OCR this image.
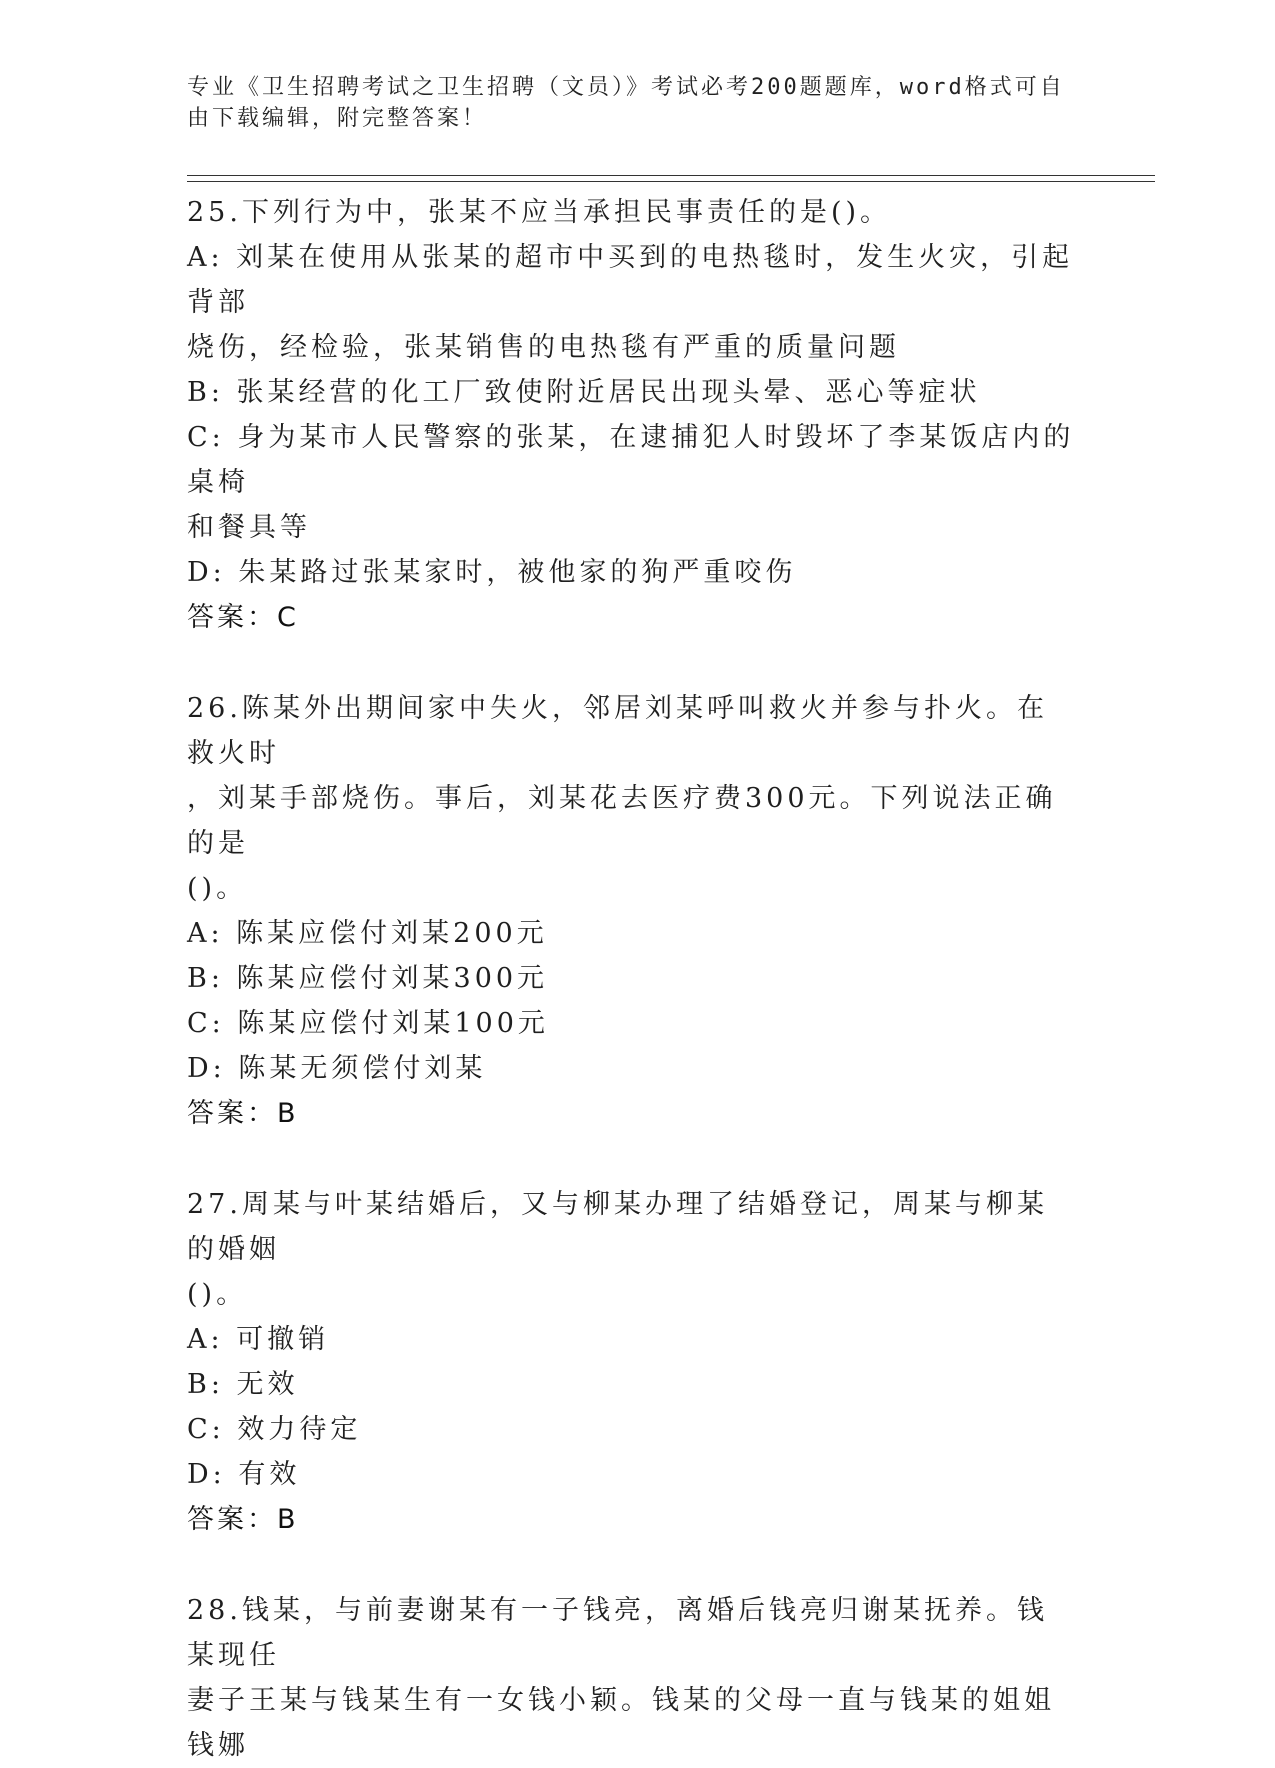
专业《卫生招聘考试之卫生招聘（文员）》考试必考200题题库，word格式可自
由下载编辑，附完整答案！
25.下列行为中，张某不应当承担民事责任的是()。
A: 刘某在使用从张某的超市中买到的电热毯时，发生火灾，引起背部
烧伤，经检验，张某销售的电热毯有严重的质量问题
B: 张某经营的化工厂致使附近居民出现头晕、恶心等症状
C: 身为某市人民警察的张某，在逮捕犯人时毁坏了李某饭店内的桌椅
和餐具等
D: 朱某路过张某家时，被他家的狗严重咬伤
答案：C
26.陈某外出期间家中失火，邻居刘某呼叫救火并参与扑火。在救火时
，刘某手部烧伤。事后，刘某花去医疗费300元。下列说法正确的是
()。
A: 陈某应偿付刘某200元
B: 陈某应偿付刘某300元
C: 陈某应偿付刘某100元
D: 陈某无须偿付刘某
答案：B
27.周某与叶某结婚后，又与柳某办理了结婚登记，周某与柳某的婚姻
()。
A: 可撤销
B: 无效
C: 效力待定
D: 有效
答案：B
28.钱某，与前妻谢某有一子钱亮，离婚后钱亮归谢某抚养。钱某现任
妻子王某与钱某生有一女钱小颖。钱某的父母一直与钱某的姐姐钱娜
